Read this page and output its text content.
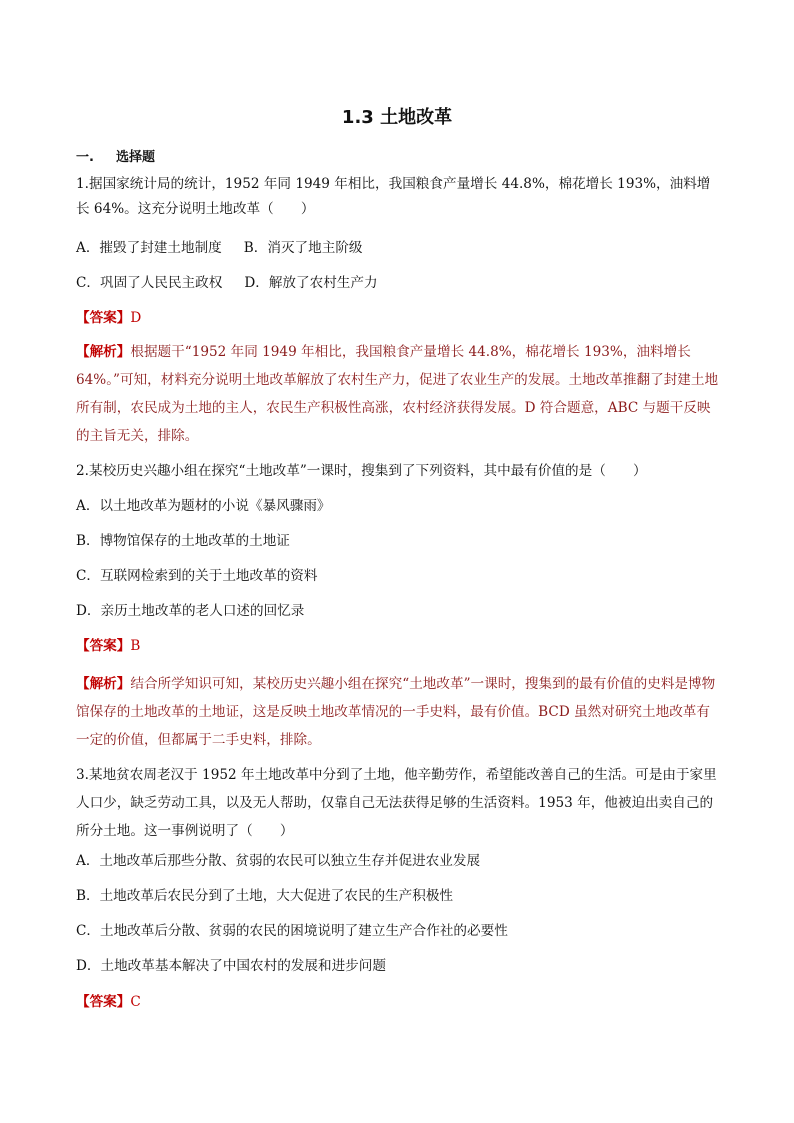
1.3 土地改革
一. 选择题
1.据国家统计局的统计，1952 年同 1949 年相比，我国粮食产量增长 44.8%，棉花增长 193%，油料增长 64%。这充分说明土地改革（　　）
A．摧毁了封建土地制度 B．消灭了地主阶级
C．巩固了人民民主政权 D．解放了农村生产力
【答案】D
【解析】根据题干“1952 年同 1949 年相比，我国粮食产量增长 44.8%，棉花增长 193%，油料增长 64%。”可知，材料充分说明土地改革解放了农村生产力，促进了农业生产的发展。土地改革推翻了封建土地所有制，农民成为土地的主人，农民生产积极性高涨，农村经济获得发展。D 符合题意，ABC 与题干反映的主旨无关，排除。
2.某校历史兴趣小组在探究“土地改革”一课时，搜集到了下列资料，其中最有价值的是（　　）
A．以土地改革为题材的小说《暴风骤雨》
B．博物馆保存的土地改革的土地证
C．互联网检索到的关于土地改革的资料
D．亲历土地改革的老人口述的回忆录
【答案】B
【解析】结合所学知识可知，某校历史兴趣小组在探究“土地改革”一课时，搜集到的最有价值的史料是博物馆保存的土地改革的土地证，这是反映土地改革情况的一手史料，最有价值。BCD 虽然对研究土地改革有一定的价值，但都属于二手史料，排除。
3.某地贫农周老汉于 1952 年土地改革中分到了土地，他辛勤劳作，希望能改善自己的生活。可是由于家里人口少，缺乏劳动工具，以及无人帮助，仅靠自己无法获得足够的生活资料。1953 年，他被迫出卖自己的所分土地。这一事例说明了（　　）
A．土地改革后那些分散、贫弱的农民可以独立生存并促进农业发展
B．土地改革后农民分到了土地，大大促进了农民的生产积极性
C．土地改革后分散、贫弱的农民的困境说明了建立生产合作社的必要性
D．土地改革基本解决了中国农村的发展和进步问题
【答案】C
